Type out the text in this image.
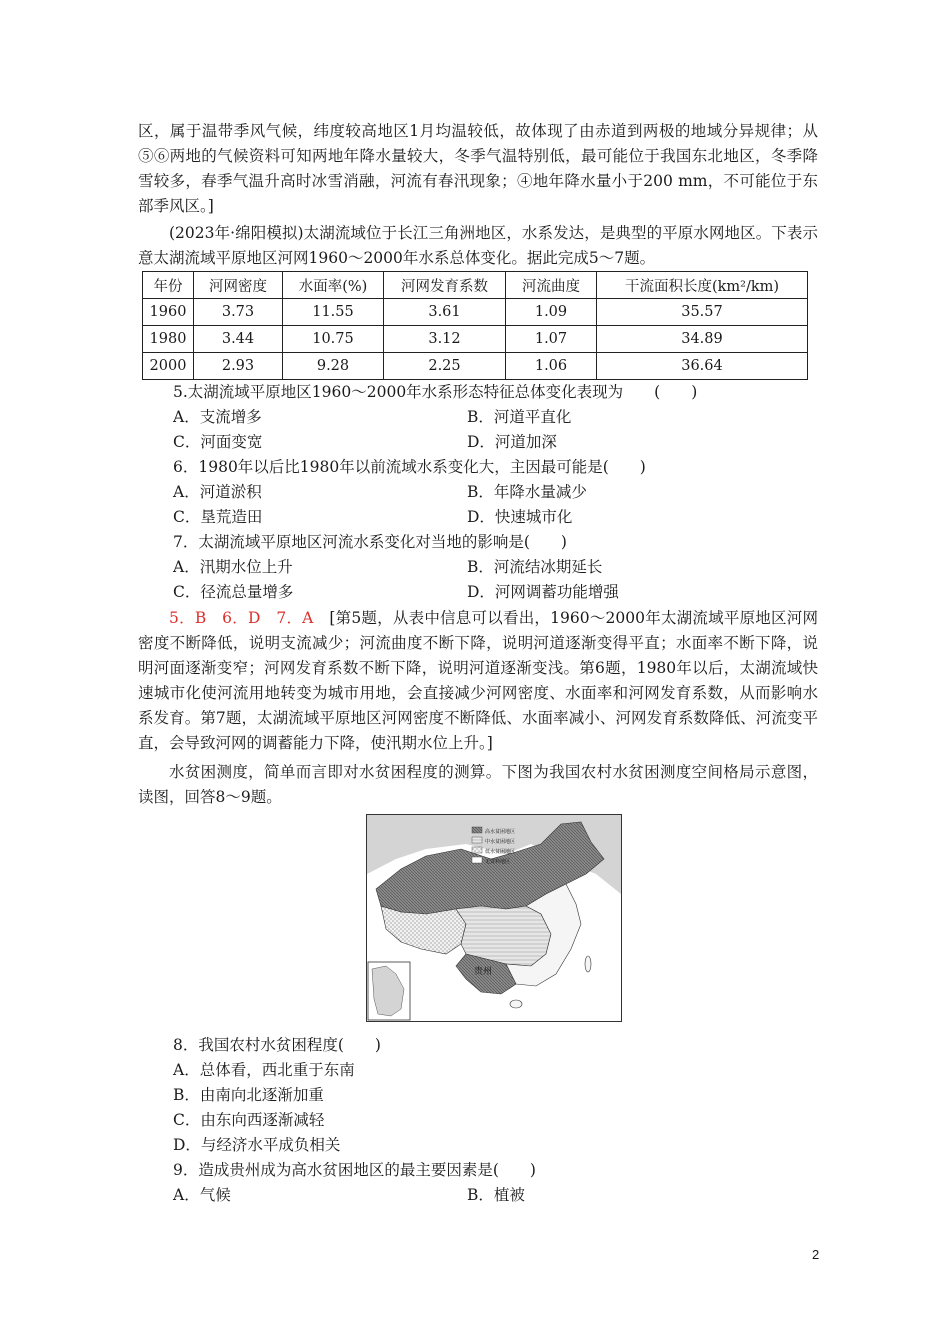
区，属于温带季风气候，纬度较高地区1月均温较低，故体现了由赤道到两极的地域分异规律；从⑤⑥两地的气候资料可知两地年降水量较大，冬季气温特别低，最可能位于我国东北地区，冬季降雪较多，春季气温升高时冰雪消融，河流有春汛现象；④地年降水量小于200 mm，不可能位于东部季风区。]

(2023年·绵阳模拟)太湖流域位于长江三角洲地区，水系发达，是典型的平原水网地区。下表示意太湖流域平原地区河网1960～2000年水系总体变化。据此完成5～7题。

年份	河网密度	水面率(%)	河网发育系数	河流曲度	干流面积长度(km²/km)
1960	3.73	11.55	3.61	1.09	35.57
1980	3.44	10.75	3.12	1.07	34.89
2000	2.93	9.28	2.25	1.06	36.64

5.太湖流域平原地区1960～2000年水系形态特征总体变化表现为　　(　　)

A．支流增多	B．河道平直化

C．河面变宽	D．河道加深

6．1980年以后比1980年以前流域水系变化大，主因最可能是(　　)

A．河道淤积	B．年降水量减少

C．垦荒造田	D．快速城市化

7．太湖流域平原地区河流水系变化对当地的影响是(　　)

A．汛期水位上升	B．河流结冰期延长

C．径流总量增多	D．河网调蓄功能增强

5．B　6．D　7．A　[第5题，从表中信息可以看出，1960～2000年太湖流域平原地区河网密度不断降低，说明支流减少；河流曲度不断下降，说明河道逐渐变得平直；水面率不断下降，说明河面逐渐变窄；河网发育系数不断下降，说明河道逐渐变浅。第6题，1980年以后，太湖流域快速城市化使河流用地转变为城市用地，会直接减少河网密度、水面率和河网发育系数，从而影响水系发育。第7题，太湖流域平原地区河网密度不断降低、水面率减小、河网发育系数降低、河流变平直，会导致河网的调蓄能力下降，使汛期水位上升。]

水贫困测度，简单而言即对水贫困程度的测算。下图为我国农村水贫困测度空间格局示意图，读图，回答8～9题。

贵州
高水贫困地区
中水贫困地区
低水贫困地区
无资料地区

8．我国农村水贫困程度(　　)

A．总体看，西北重于东南

B．由南向北逐渐加重

C．由东向西逐渐减轻

D．与经济水平成负相关

9．造成贵州成为高水贫困地区的最主要因素是(　　)

A．气候	B．植被

2
